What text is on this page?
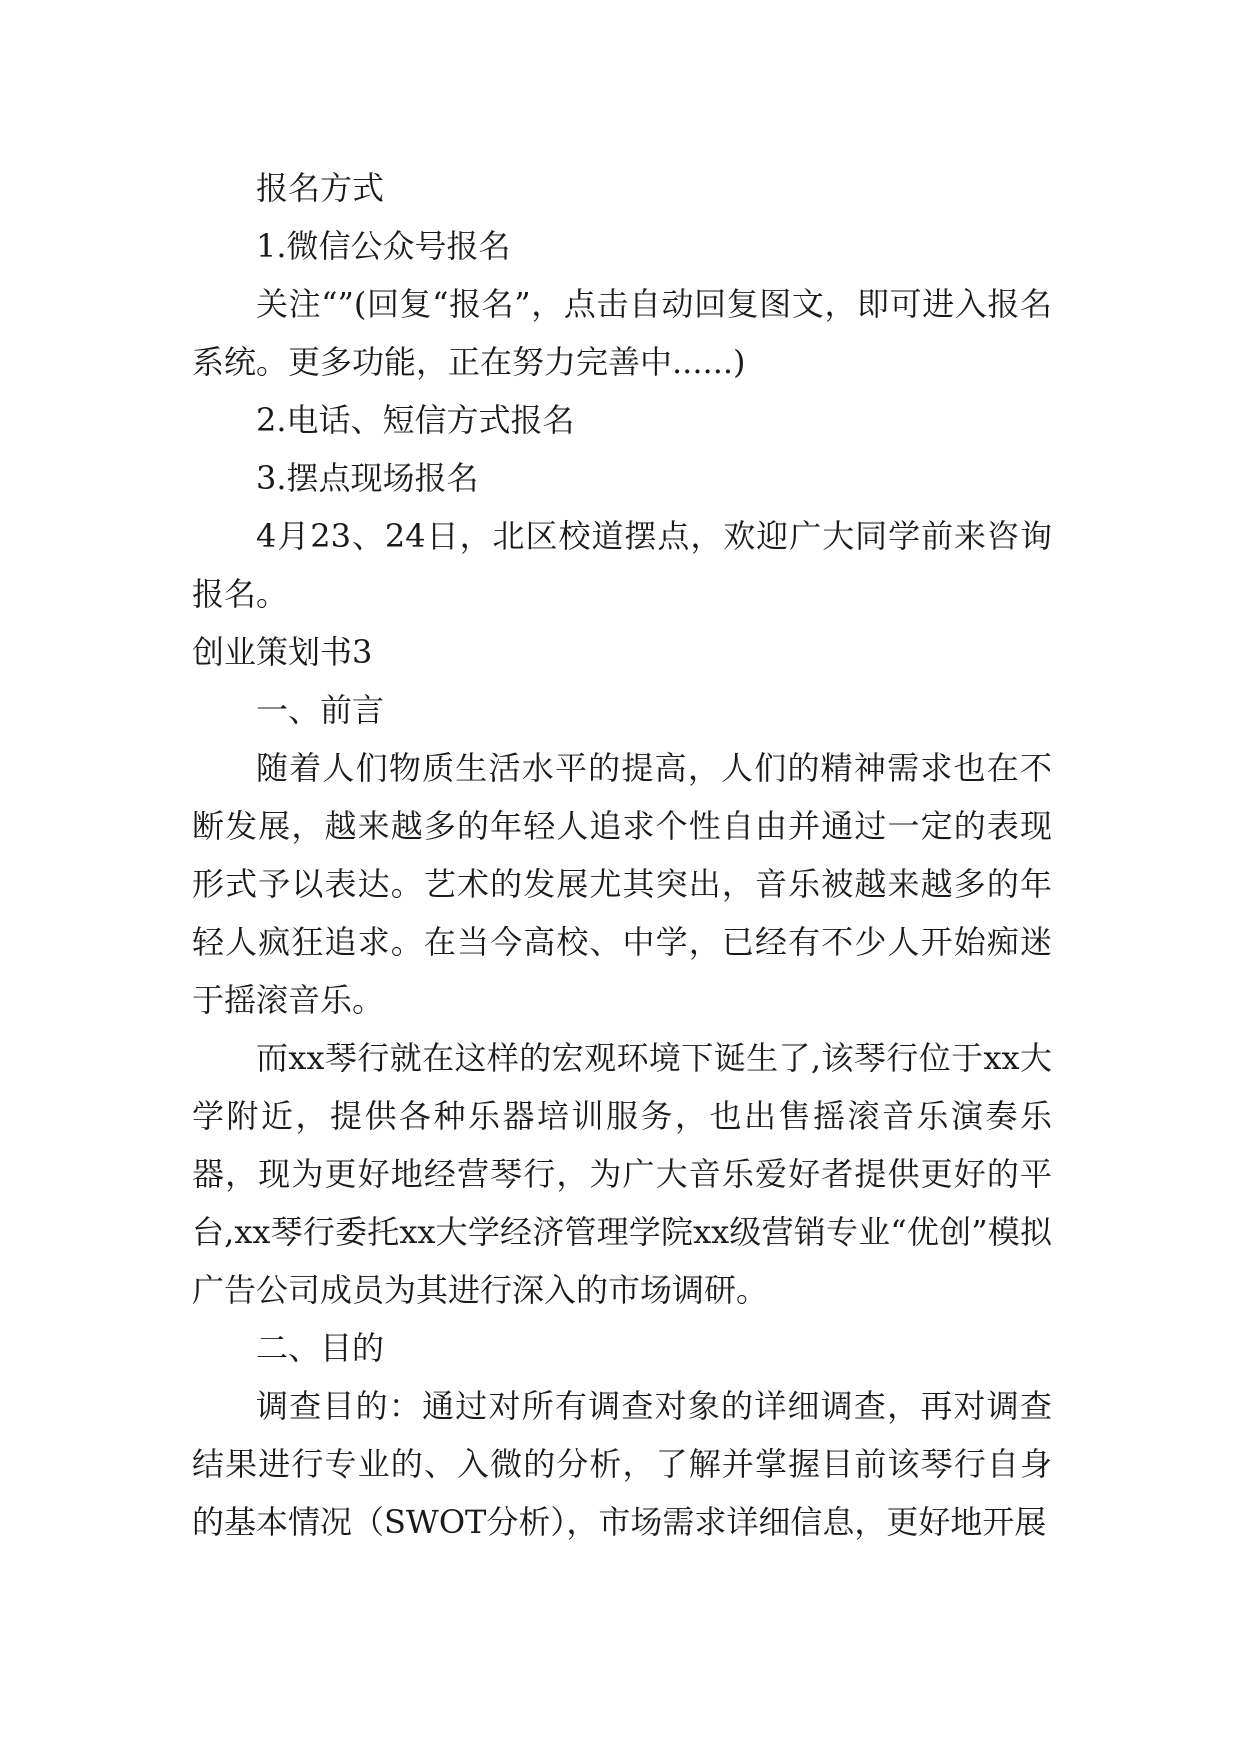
报名方式

1.微信公众号报名

关注“”(回复“报名”，点击自动回复图文，即可进入报名系统。更多功能，正在努力完善中......)

2.电话、短信方式报名

3.摆点现场报名

4月23、24日，北区校道摆点，欢迎广大同学前来咨询报名。

创业策划书3

一、前言

随着人们物质生活水平的提高，人们的精神需求也在不断发展，越来越多的年轻人追求个性自由并通过一定的表现形式予以表达。艺术的发展尤其突出，音乐被越来越多的年轻人疯狂追求。在当今高校、中学，已经有不少人开始痴迷于摇滚音乐。

而xx琴行就在这样的宏观环境下诞生了,该琴行位于xx大学附近，提供各种乐器培训服务，也出售摇滚音乐演奏乐器，现为更好地经营琴行，为广大音乐爱好者提供更好的平台,xx琴行委托xx大学经济管理学院xx级营销专业“优创”模拟广告公司成员为其进行深入的市场调研。

二、目的

调查目的：通过对所有调查对象的详细调查，再对调查结果进行专业的、入微的分析，了解并掌握目前该琴行自身的基本情况（SWOT分析），市场需求详细信息，更好地开展
